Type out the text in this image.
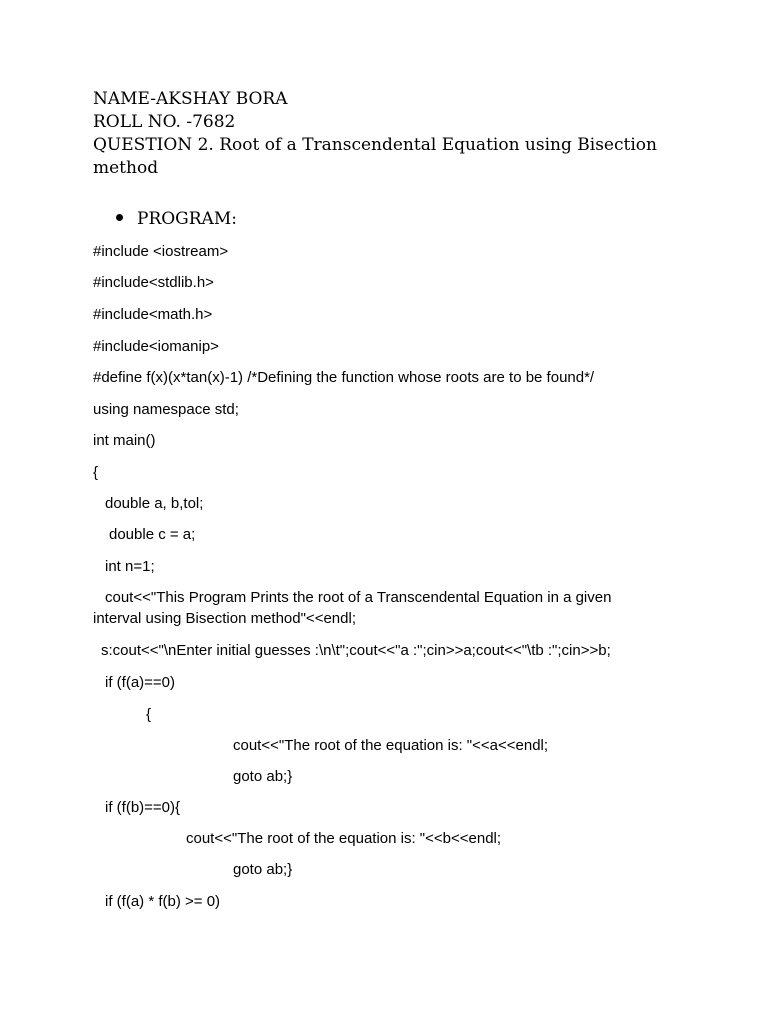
NAME-AKSHAY BORA
ROLL NO. -7682
QUESTION 2. Root of a Transcendental Equation using Bisection method
PROGRAM:
#include <iostream>
#include<stdlib.h>
#include<math.h>
#include<iomanip>
#define f(x)(x*tan(x)-1) /*Defining the function whose roots are to be found*/
using namespace std;
int main()
{
double a, b,tol;
double c = a;
int n=1;
cout<<"This Program Prints the root of a Transcendental Equation in a given
interval using Bisection method"<<endl;
s:cout<<"\nEnter initial guesses :\n\t";cout<<"a :";cin>>a;cout<<"\tb :";cin>>b;
if (f(a)==0)
{
cout<<"The root of the equation is: "<<a<<endl;
goto ab;}
if (f(b)==0){
cout<<"The root of the equation is: "<<b<<endl;
goto ab;}
if (f(a) * f(b) >= 0)
